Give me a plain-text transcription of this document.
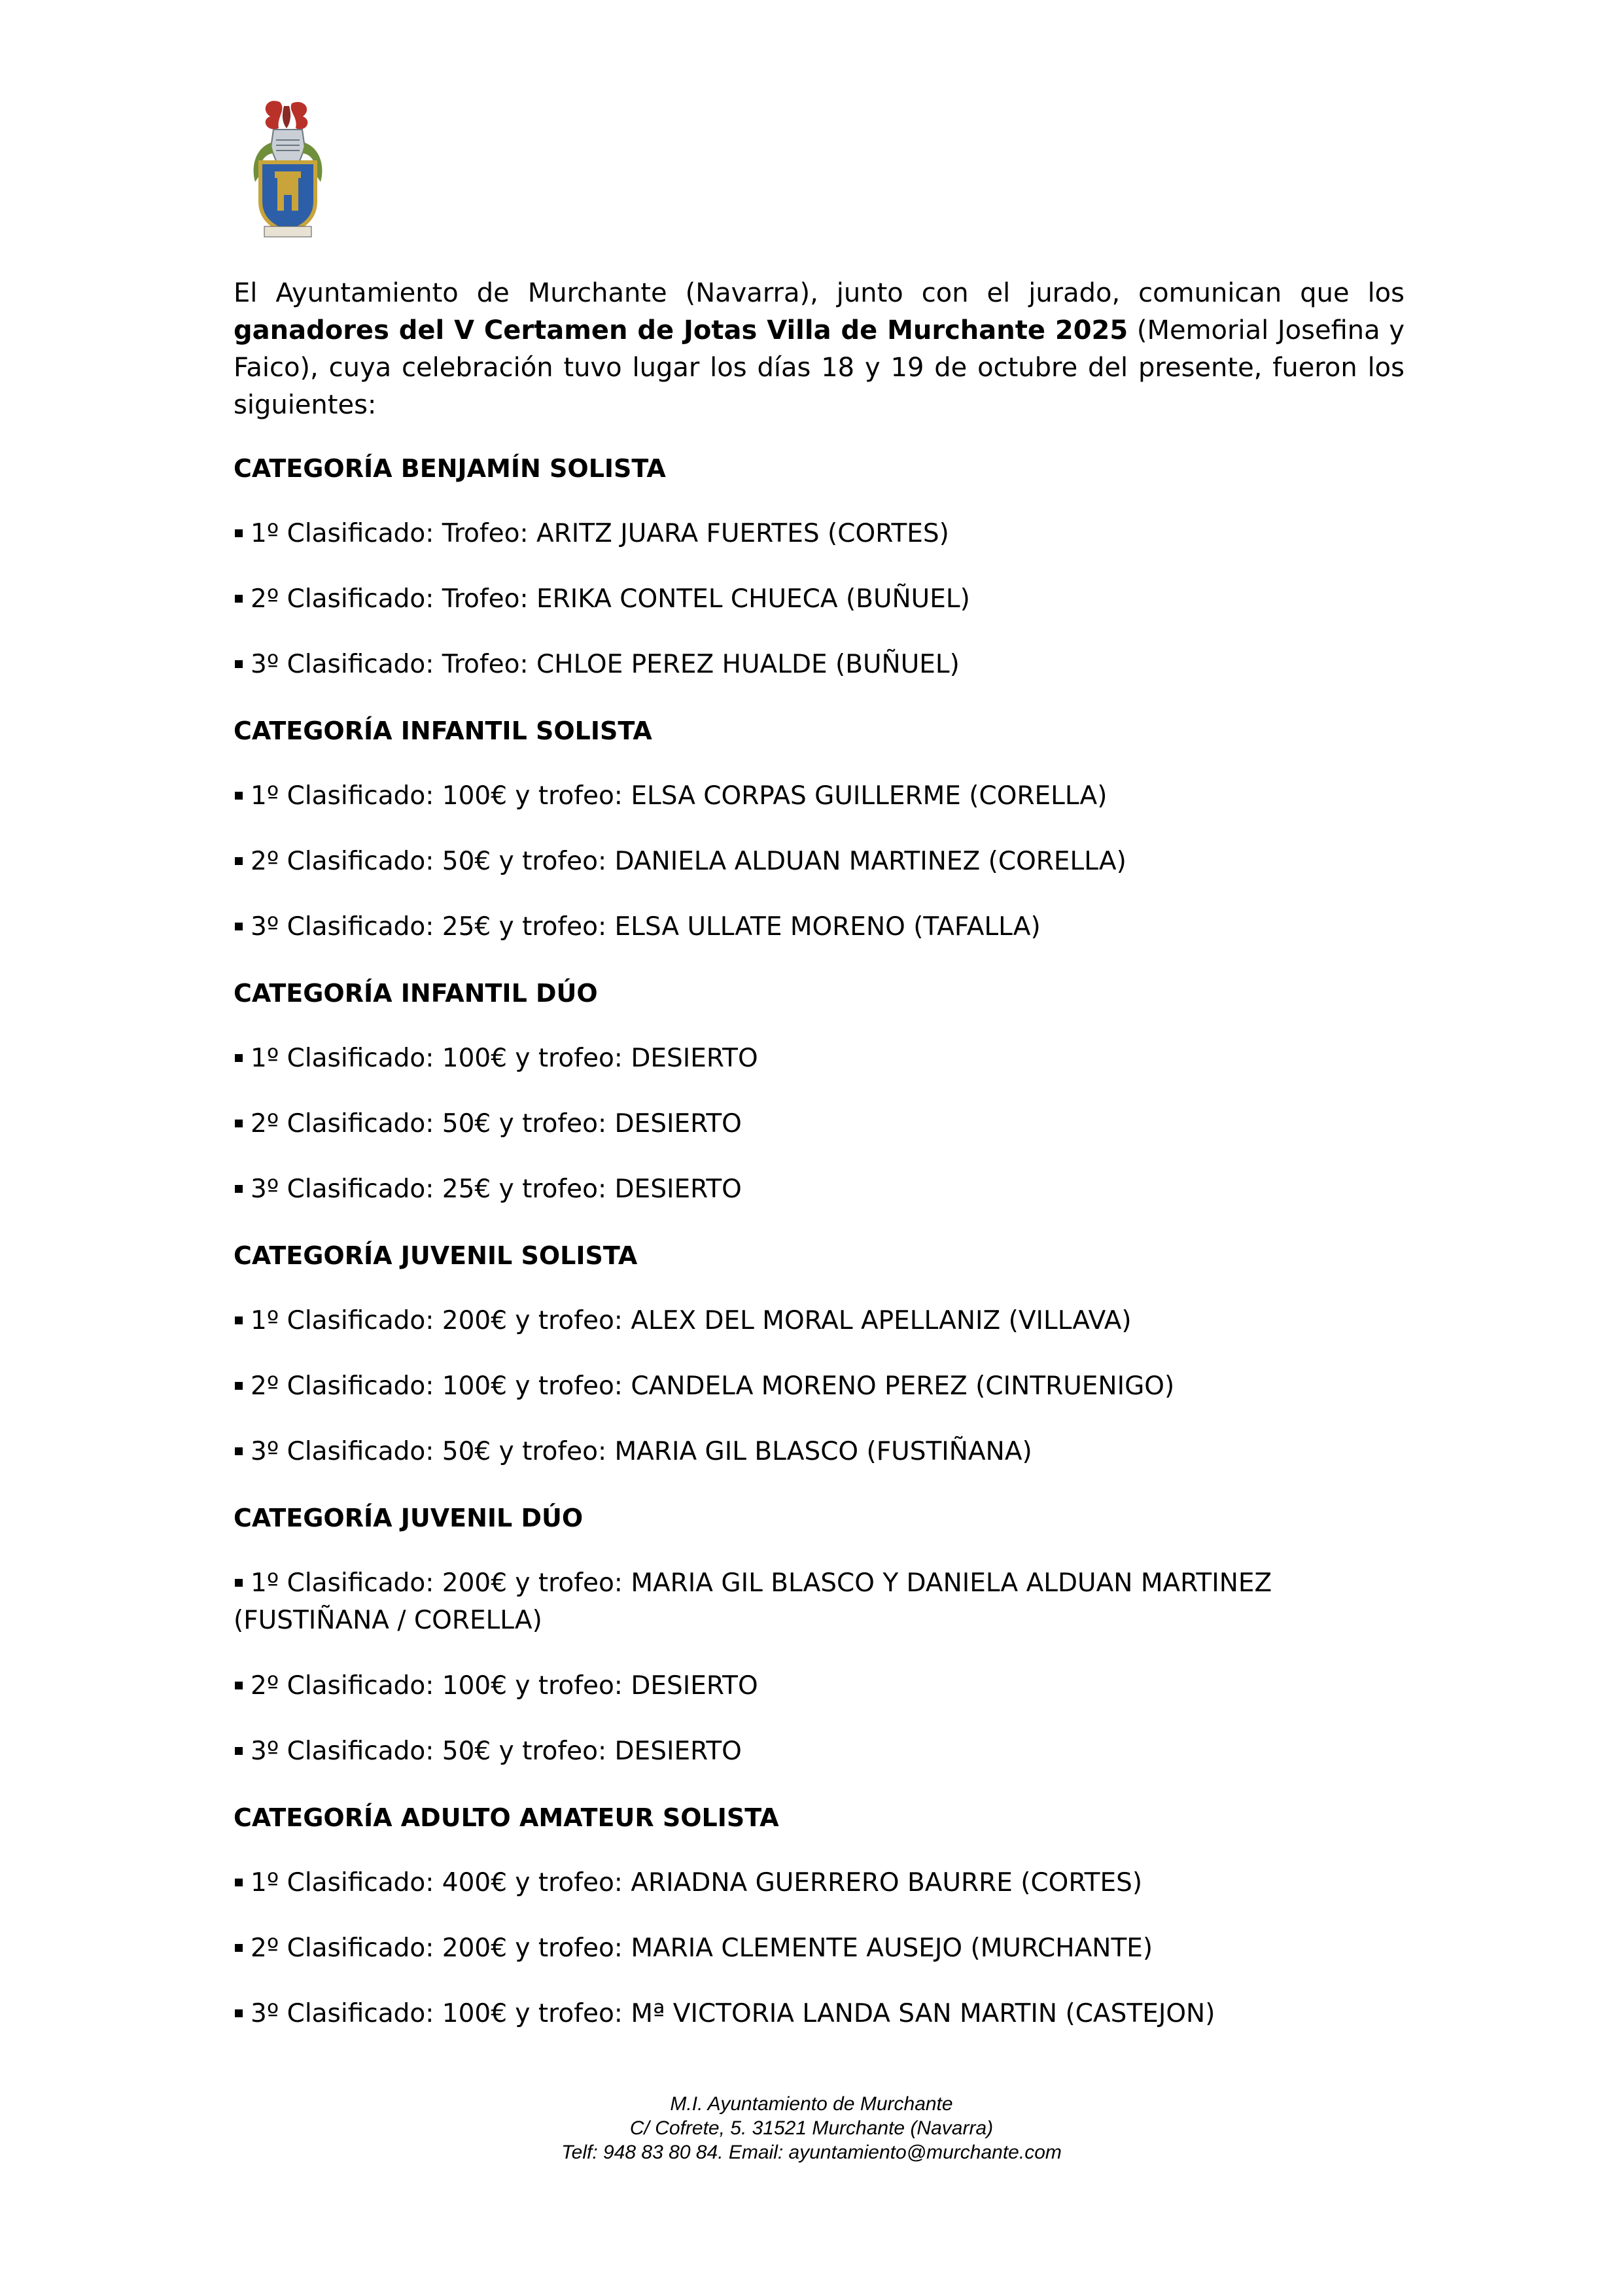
El Ayuntamiento de Murchante (Navarra), junto con el jurado, comunican que los ganadores del V Certamen de Jotas Villa de Murchante 2025 (Memorial Josefina y Faico), cuya celebración tuvo lugar los días 18 y 19 de octubre del presente, fueron los siguientes:

CATEGORÍA BENJAMÍN SOLISTA
1º Clasificado: Trofeo: ARITZ JUARA FUERTES (CORTES)
2º Clasificado: Trofeo: ERIKA CONTEL CHUECA (BUÑUEL)
3º Clasificado: Trofeo: CHLOE PEREZ HUALDE (BUÑUEL)
CATEGORÍA INFANTIL SOLISTA
1º Clasificado: 100€ y trofeo: ELSA CORPAS GUILLERME (CORELLA)
2º Clasificado: 50€ y trofeo: DANIELA ALDUAN MARTINEZ (CORELLA)
3º Clasificado: 25€ y trofeo: ELSA ULLATE MORENO (TAFALLA)
CATEGORÍA INFANTIL DÚO
1º Clasificado: 100€ y trofeo: DESIERTO
2º Clasificado: 50€ y trofeo: DESIERTO
3º Clasificado: 25€ y trofeo: DESIERTO
CATEGORÍA JUVENIL SOLISTA
1º Clasificado: 200€ y trofeo: ALEX DEL MORAL APELLANIZ (VILLAVA)
2º Clasificado: 100€ y trofeo: CANDELA MORENO PEREZ (CINTRUENIGO)
3º Clasificado: 50€ y trofeo: MARIA GIL BLASCO (FUSTIÑANA)
CATEGORÍA JUVENIL DÚO
1º Clasificado: 200€ y trofeo: MARIA GIL BLASCO Y DANIELA ALDUAN MARTINEZ (FUSTIÑANA / CORELLA)
2º Clasificado: 100€ y trofeo: DESIERTO
3º Clasificado: 50€ y trofeo: DESIERTO
CATEGORÍA ADULTO AMATEUR SOLISTA
1º Clasificado: 400€ y trofeo: ARIADNA GUERRERO BAURRE (CORTES)
2º Clasificado: 200€ y trofeo: MARIA CLEMENTE AUSEJO (MURCHANTE)
3º Clasificado: 100€ y trofeo: Mª VICTORIA LANDA SAN MARTIN (CASTEJON)
M.I. Ayuntamiento de Murchante
C/ Cofrete, 5. 31521 Murchante (Navarra)
Telf: 948 83 80 84. Email: ayuntamiento@murchante.com
